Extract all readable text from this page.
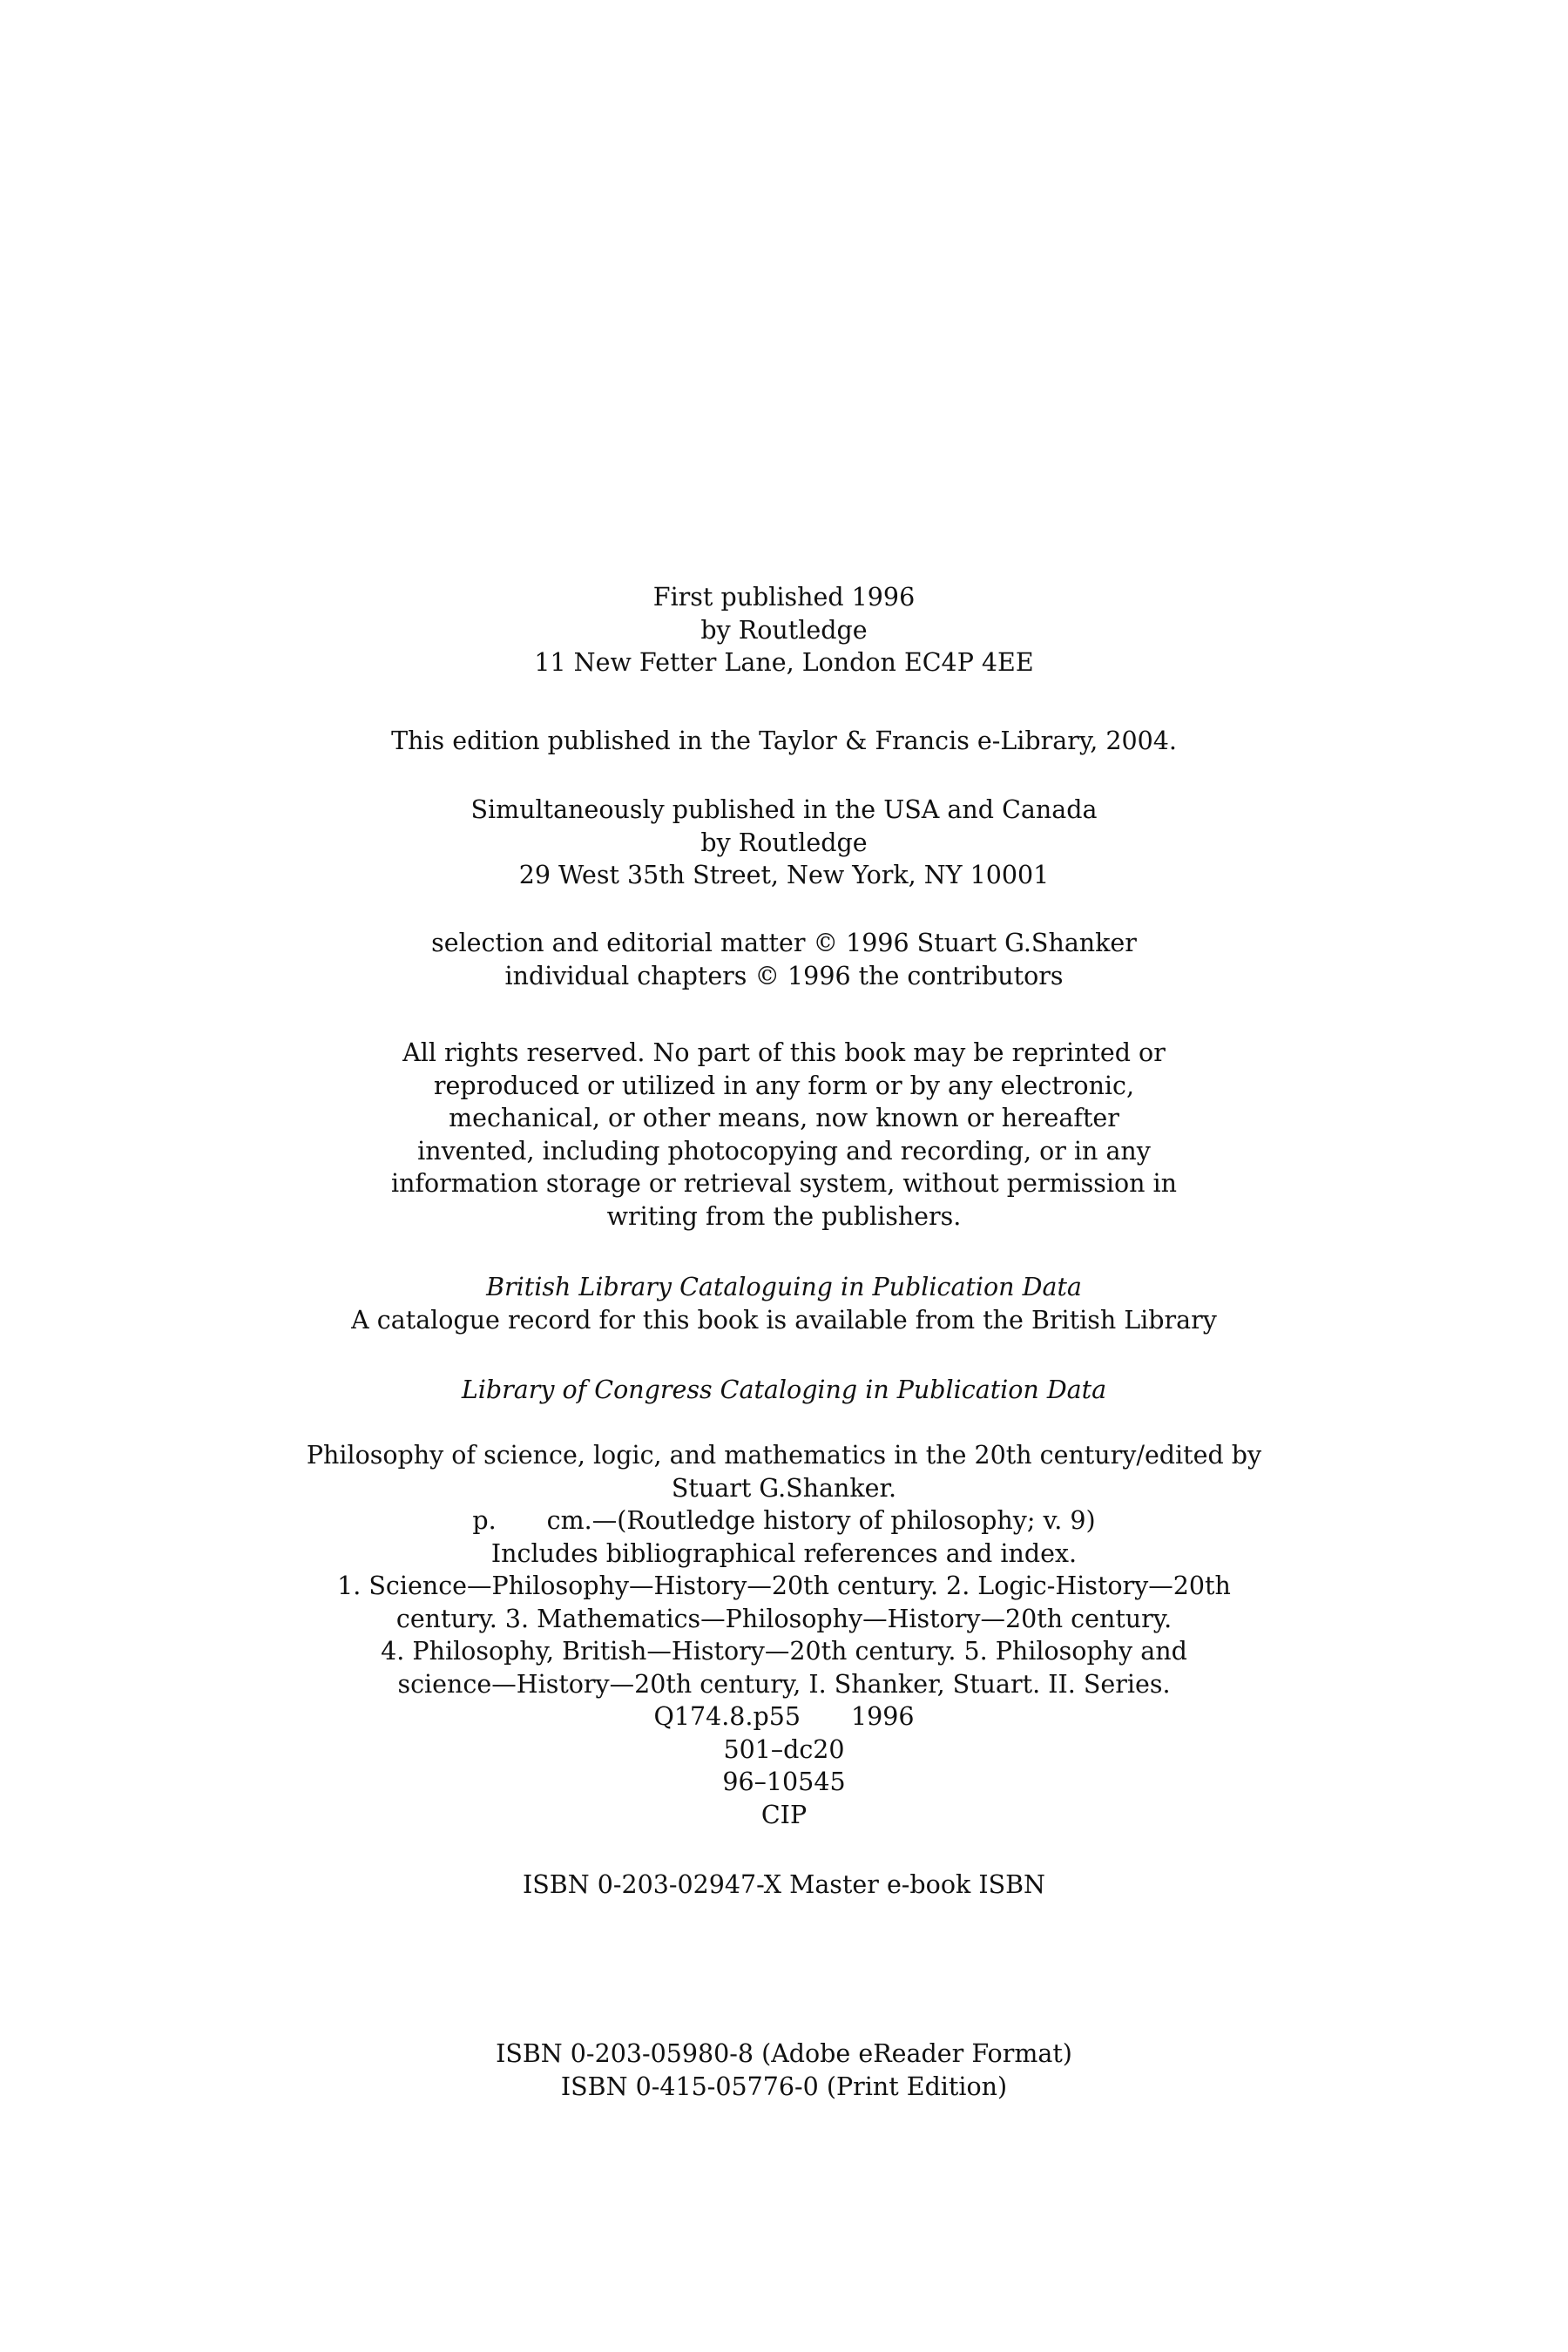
First published 1996
by Routledge
11 New Fetter Lane, London EC4P 4EE
This edition published in the Taylor & Francis e-Library, 2004.
Simultaneously published in the USA and Canada
by Routledge
29 West 35th Street, New York, NY 10001
selection and editorial matter © 1996 Stuart G.Shanker
individual chapters © 1996 the contributors
All rights reserved. No part of this book may be reprinted or
reproduced or utilized in any form or by any electronic,
mechanical, or other means, now known or hereafter
invented, including photocopying and recording, or in any
information storage or retrieval system, without permission in
writing from the publishers.
British Library Cataloguing in Publication Data
A catalogue record for this book is available from the British Library
Library of Congress Cataloging in Publication Data
Philosophy of science, logic, and mathematics in the 20th century/edited by
Stuart G.Shanker.
p. cm.—(Routledge history of philosophy; v. 9)
Includes bibliographical references and index.
1. Science—Philosophy—History—20th century. 2. Logic-History—20th
century. 3. Mathematics—Philosophy—History—20th century.
4. Philosophy, British—History—20th century. 5. Philosophy and
science—History—20th century, I. Shanker, Stuart. II. Series.
Q174.8.p55 1996
501–dc20
96–10545
CIP
ISBN 0-203-02947-X Master e-book ISBN
ISBN 0-203-05980-8 (Adobe eReader Format)
ISBN 0-415-05776-0 (Print Edition)
